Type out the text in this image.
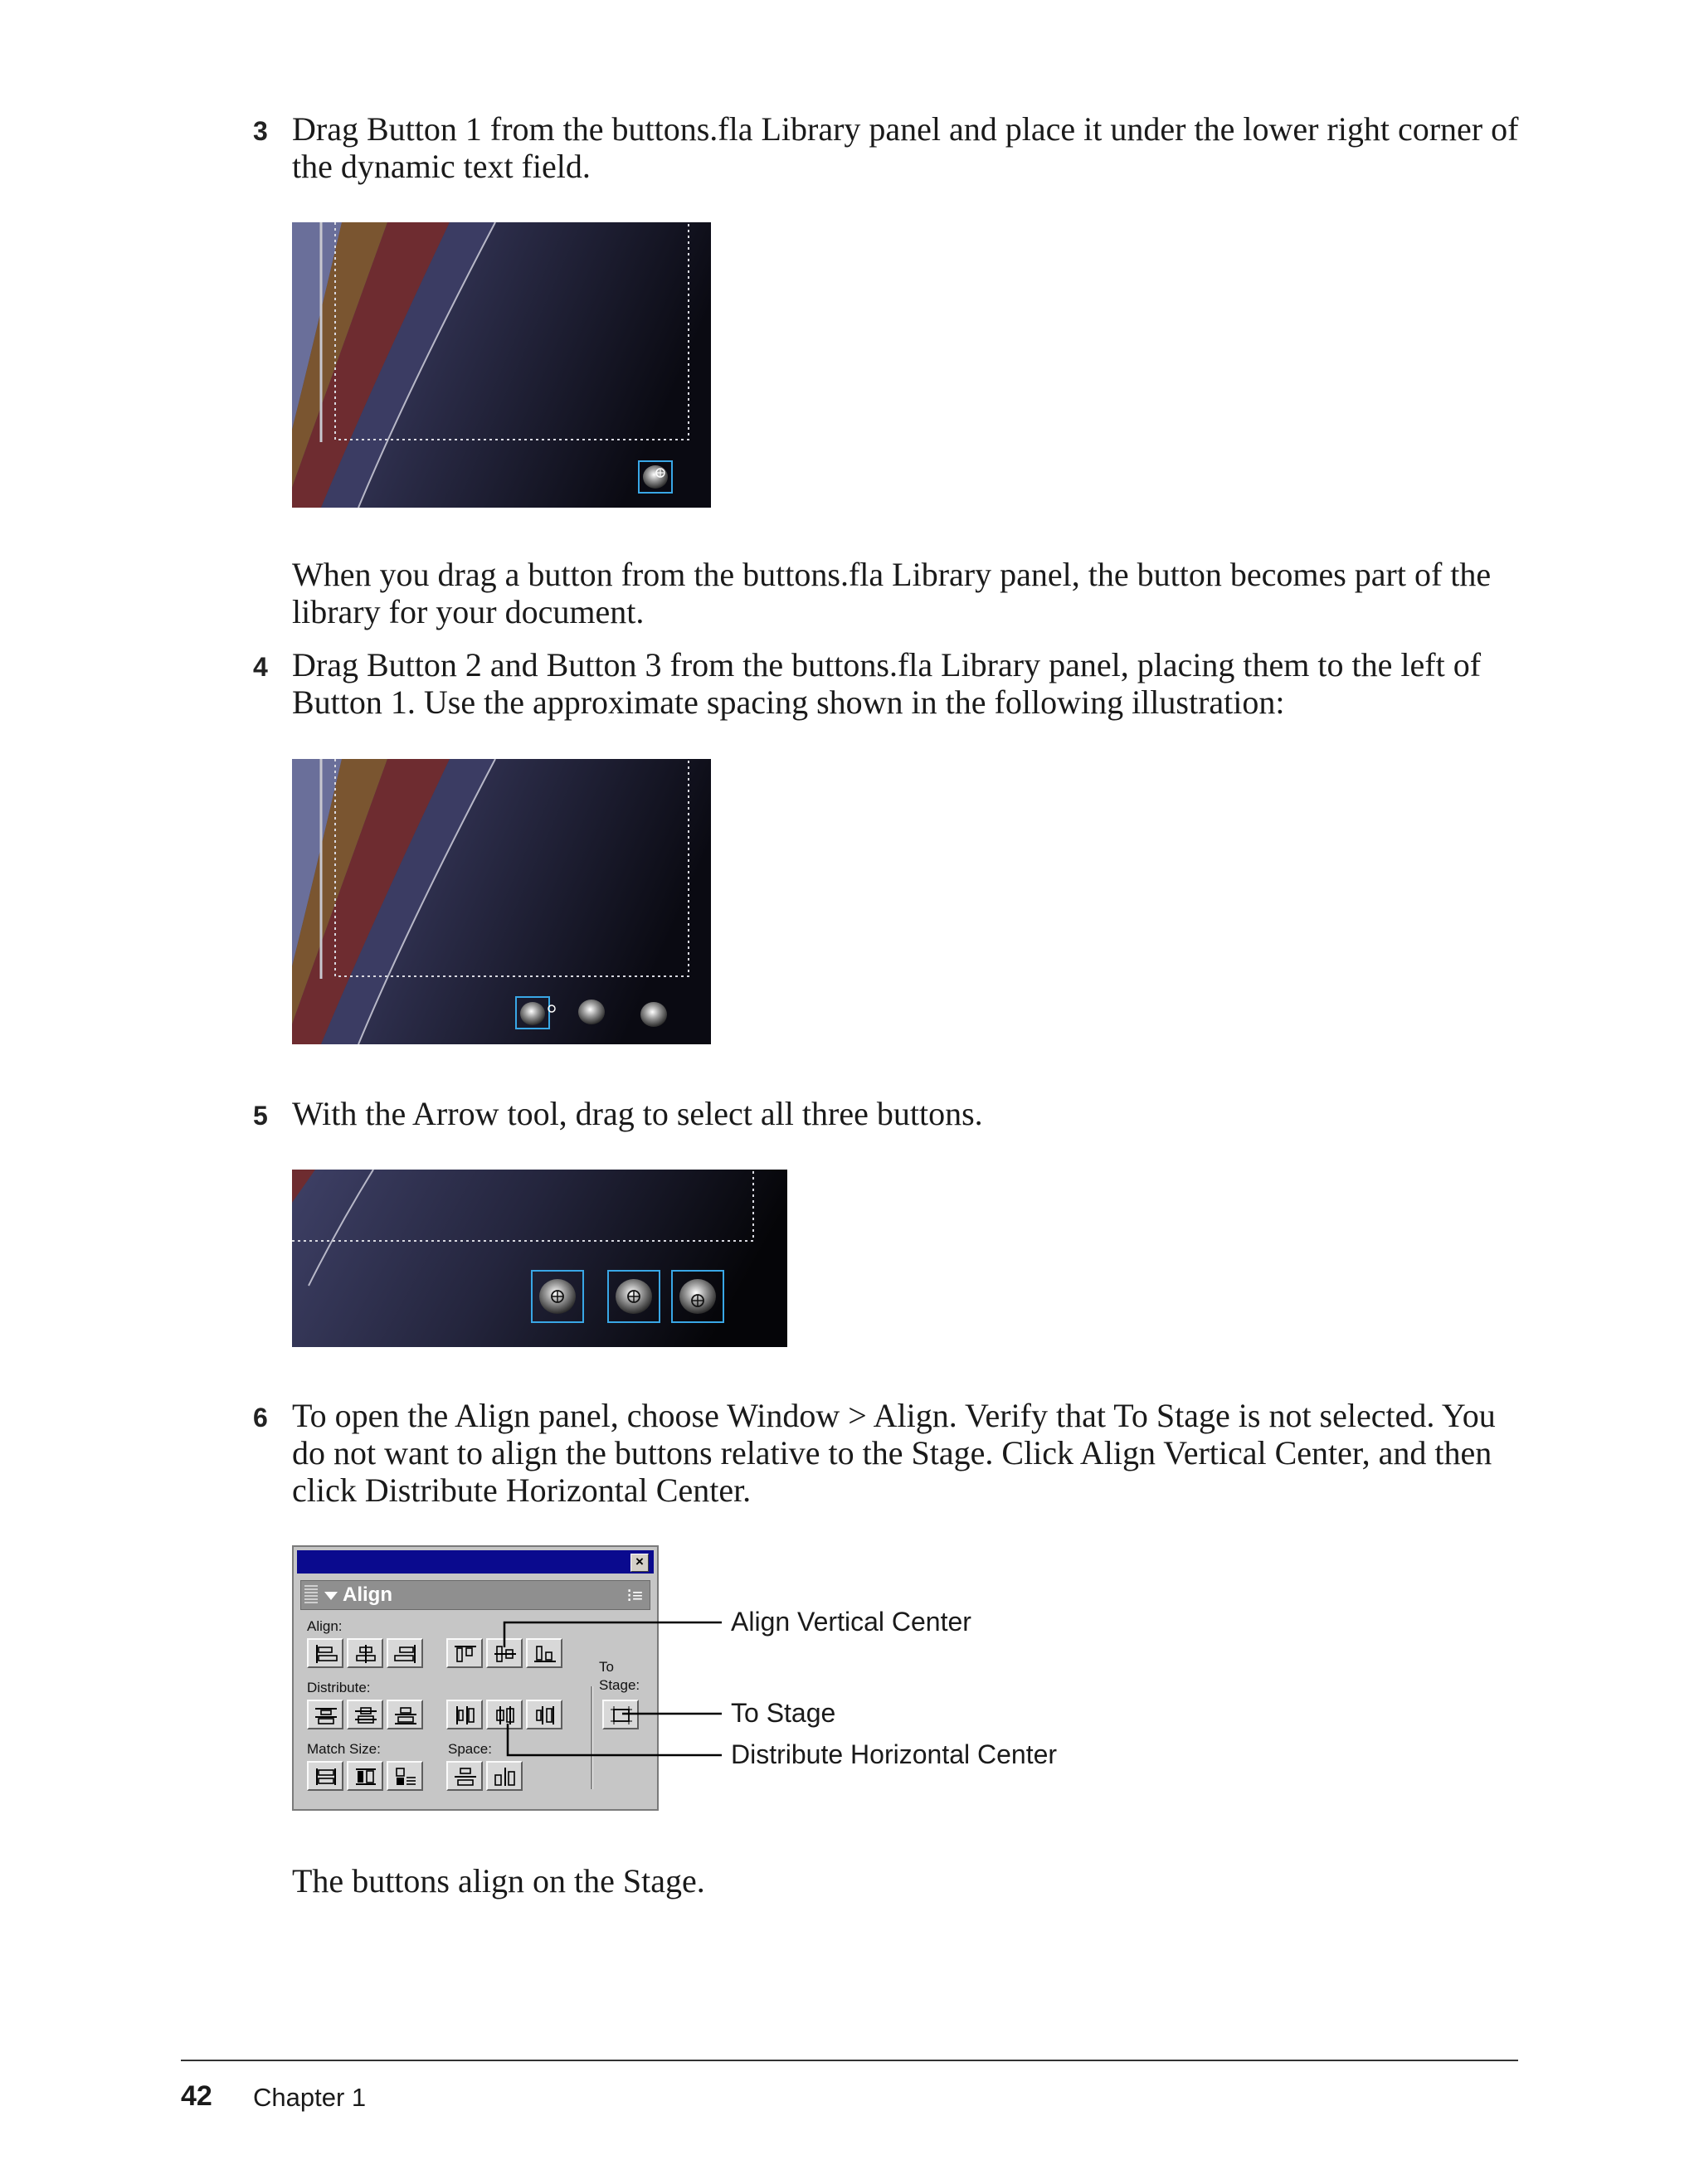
3 Drag Button 1 from the buttons.fla Library panel and place it under the lower right corner of the dynamic text field.

When you drag a button from the buttons.fla Library panel, the button becomes part of the library for your document.

4 Drag Button 2 and Button 3 from the buttons.fla Library panel, placing them to the left of Button 1. Use the approximate spacing shown in the following illustration:

5 With the Arrow tool, drag to select all three buttons.

6 To open the Align panel, choose Window > Align. Verify that To Stage is not selected. You do not want to align the buttons relative to the Stage. Click Align Vertical Center, and then click Distribute Horizontal Center.

×
Align	⁝≡
Align:
Distribute:
Match Size:	Space:
To
Stage:
Align Vertical Center
To Stage
Distribute Horizontal Center

The buttons align on the Stage.

42 Chapter 1
